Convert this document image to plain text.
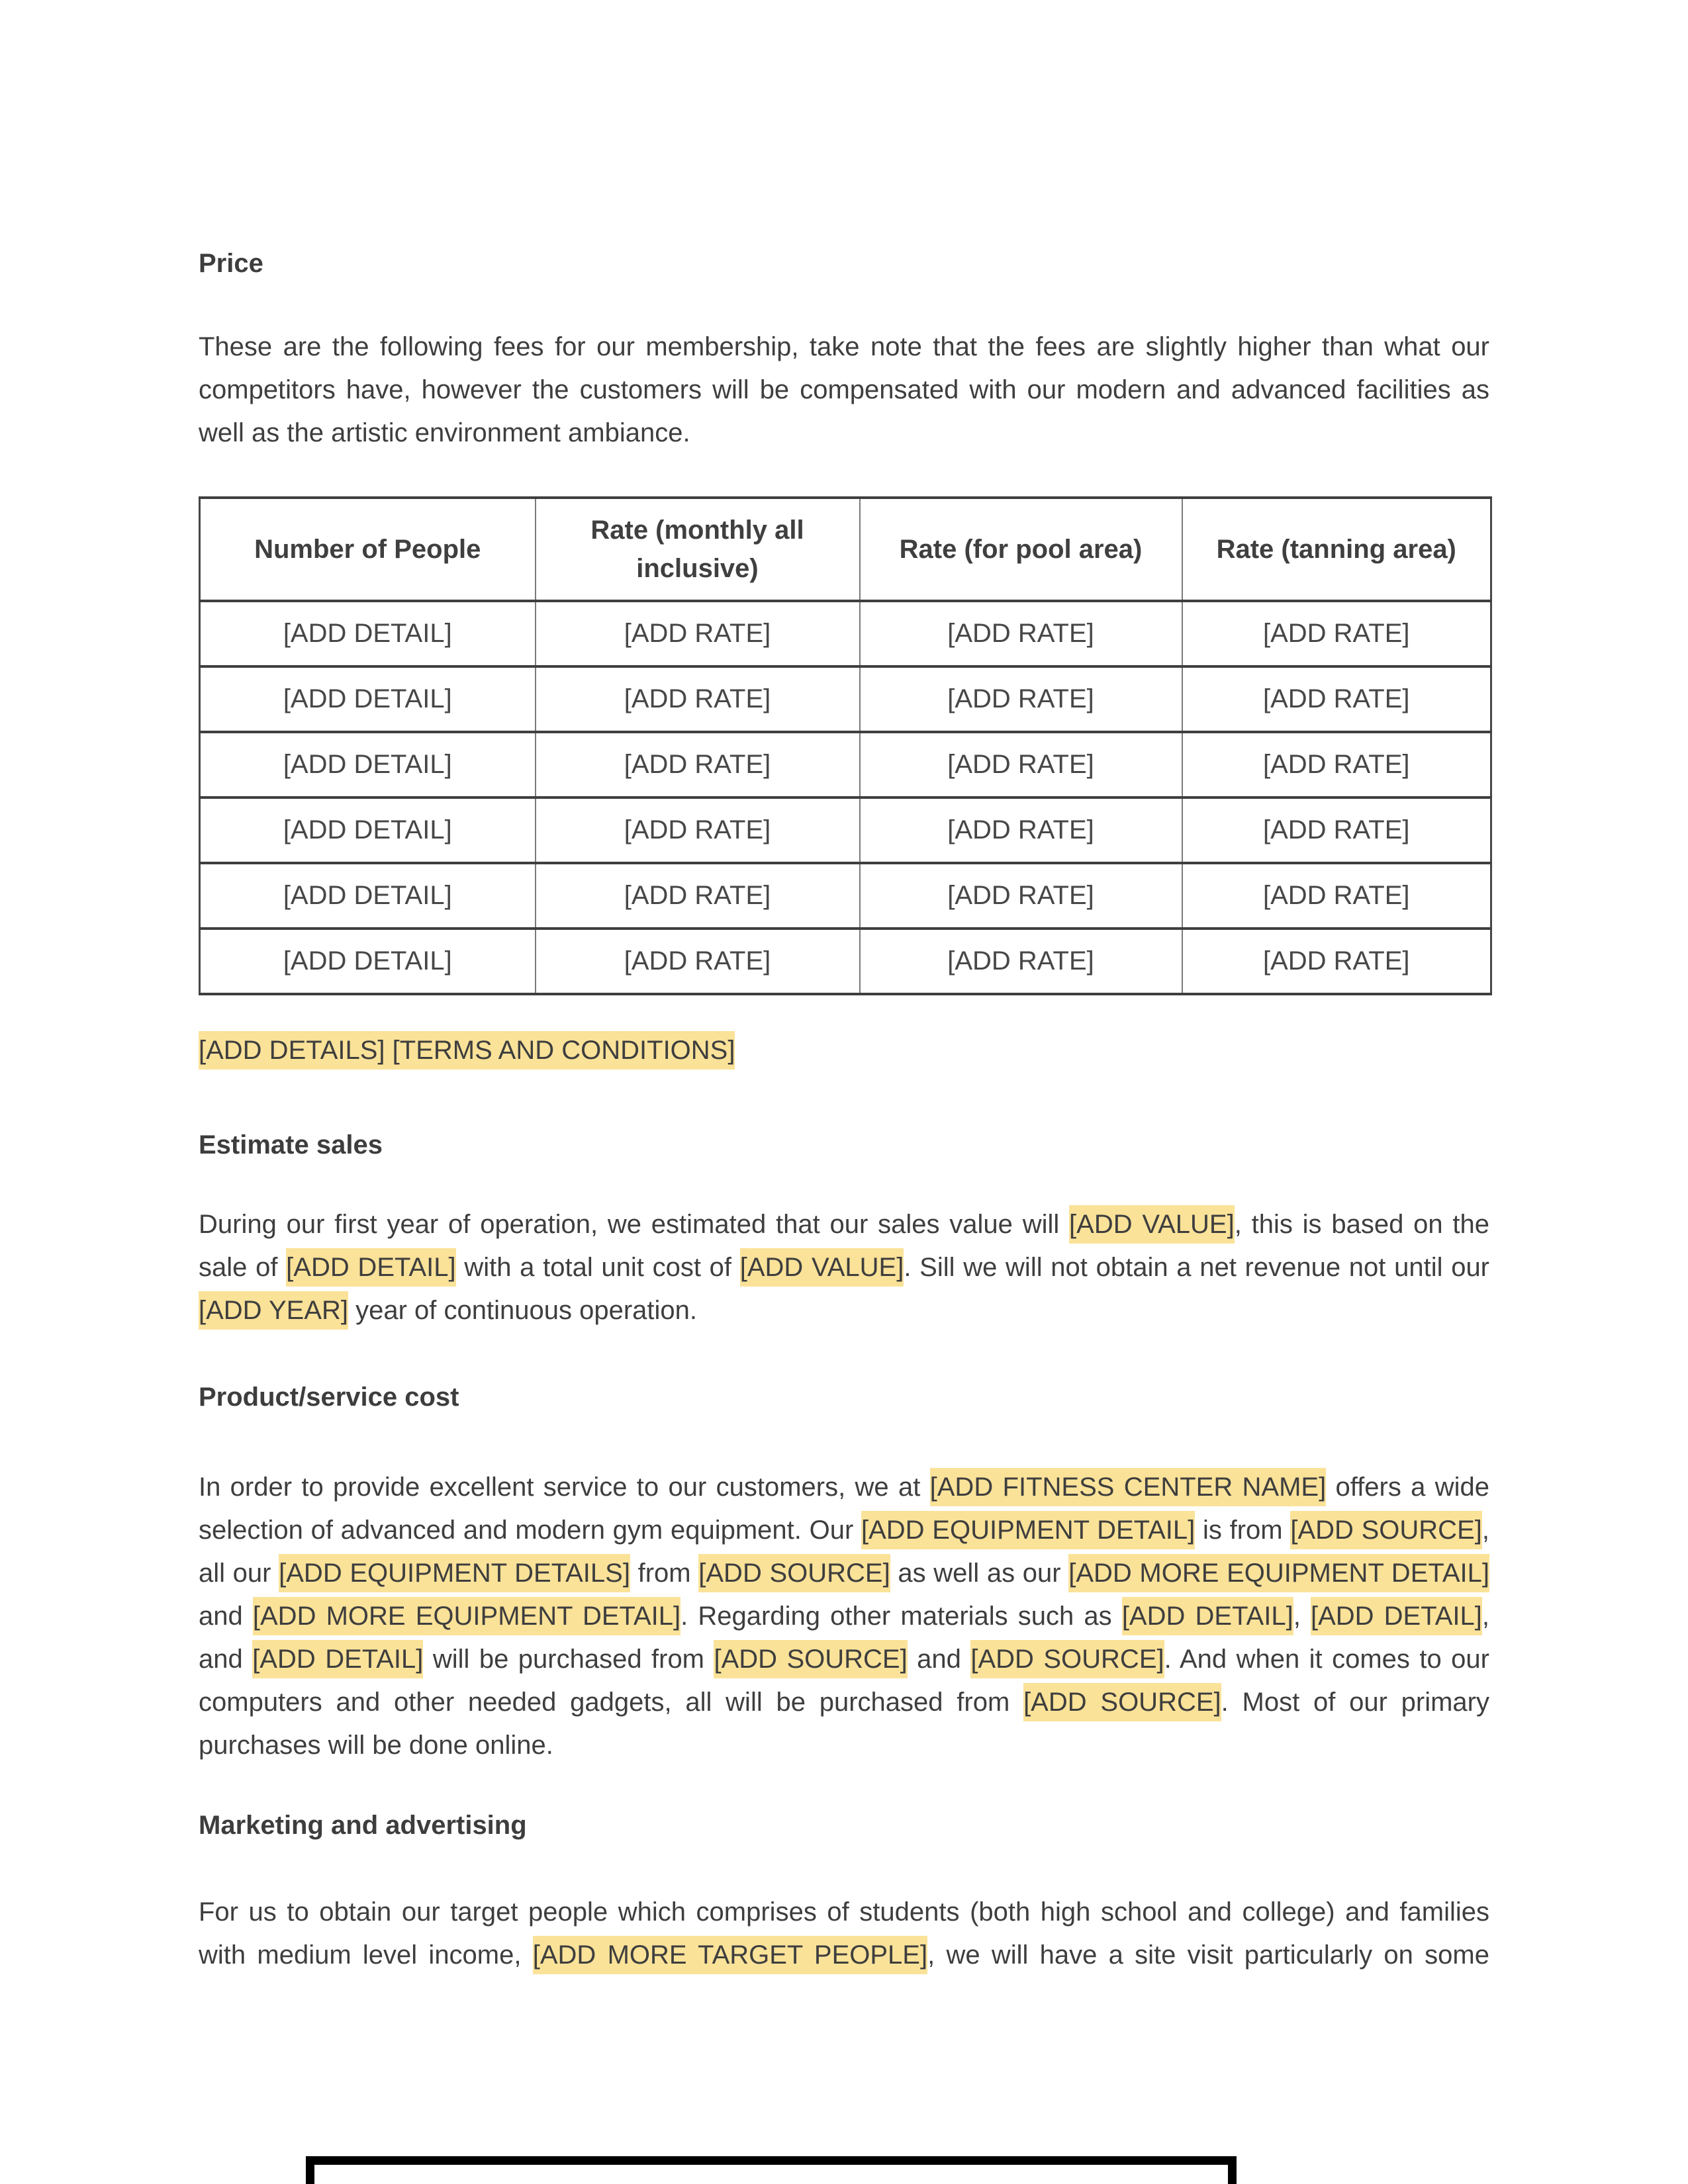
Price
These are the following fees for our membership, take note that the fees are slightly higher than what our competitors have, however the customers will be compensated with our modern and advanced facilities as well as the artistic environment ambiance.
Number of People	Rate (monthly all inclusive)	Rate (for pool area)	Rate (tanning area)
[ADD DETAIL]	[ADD RATE]	[ADD RATE]	[ADD RATE]
[ADD DETAIL]	[ADD RATE]	[ADD RATE]	[ADD RATE]
[ADD DETAIL]	[ADD RATE]	[ADD RATE]	[ADD RATE]
[ADD DETAIL]	[ADD RATE]	[ADD RATE]	[ADD RATE]
[ADD DETAIL]	[ADD RATE]	[ADD RATE]	[ADD RATE]
[ADD DETAIL]	[ADD RATE]	[ADD RATE]	[ADD RATE]
[ADD DETAILS] [TERMS AND CONDITIONS]
Estimate sales
During our first year of operation, we estimated that our sales value will [ADD VALUE], this is based on the sale of [ADD DETAIL] with a total unit cost of [ADD VALUE]. Sill we will not obtain a net revenue not until our [ADD YEAR] year of continuous operation.
Product/service cost
In order to provide excellent service to our customers, we at [ADD FITNESS CENTER NAME] offers a wide selection of advanced and modern gym equipment. Our [ADD EQUIPMENT DETAIL] is from [ADD SOURCE], all our [ADD EQUIPMENT DETAILS] from [ADD SOURCE] as well as our [ADD MORE EQUIPMENT DETAIL] and [ADD MORE EQUIPMENT DETAIL]. Regarding other materials such as [ADD DETAIL], [ADD DETAIL], and [ADD DETAIL] will be purchased from [ADD SOURCE] and [ADD SOURCE]. And when it comes to our computers and other needed gadgets, all will be purchased from [ADD SOURCE]. Most of our primary purchases will be done online.
Marketing and advertising
For us to obtain our target people which comprises of students (both high school and college) and families with medium level income, [ADD MORE TARGET PEOPLE], we will have a site visit particularly on some
